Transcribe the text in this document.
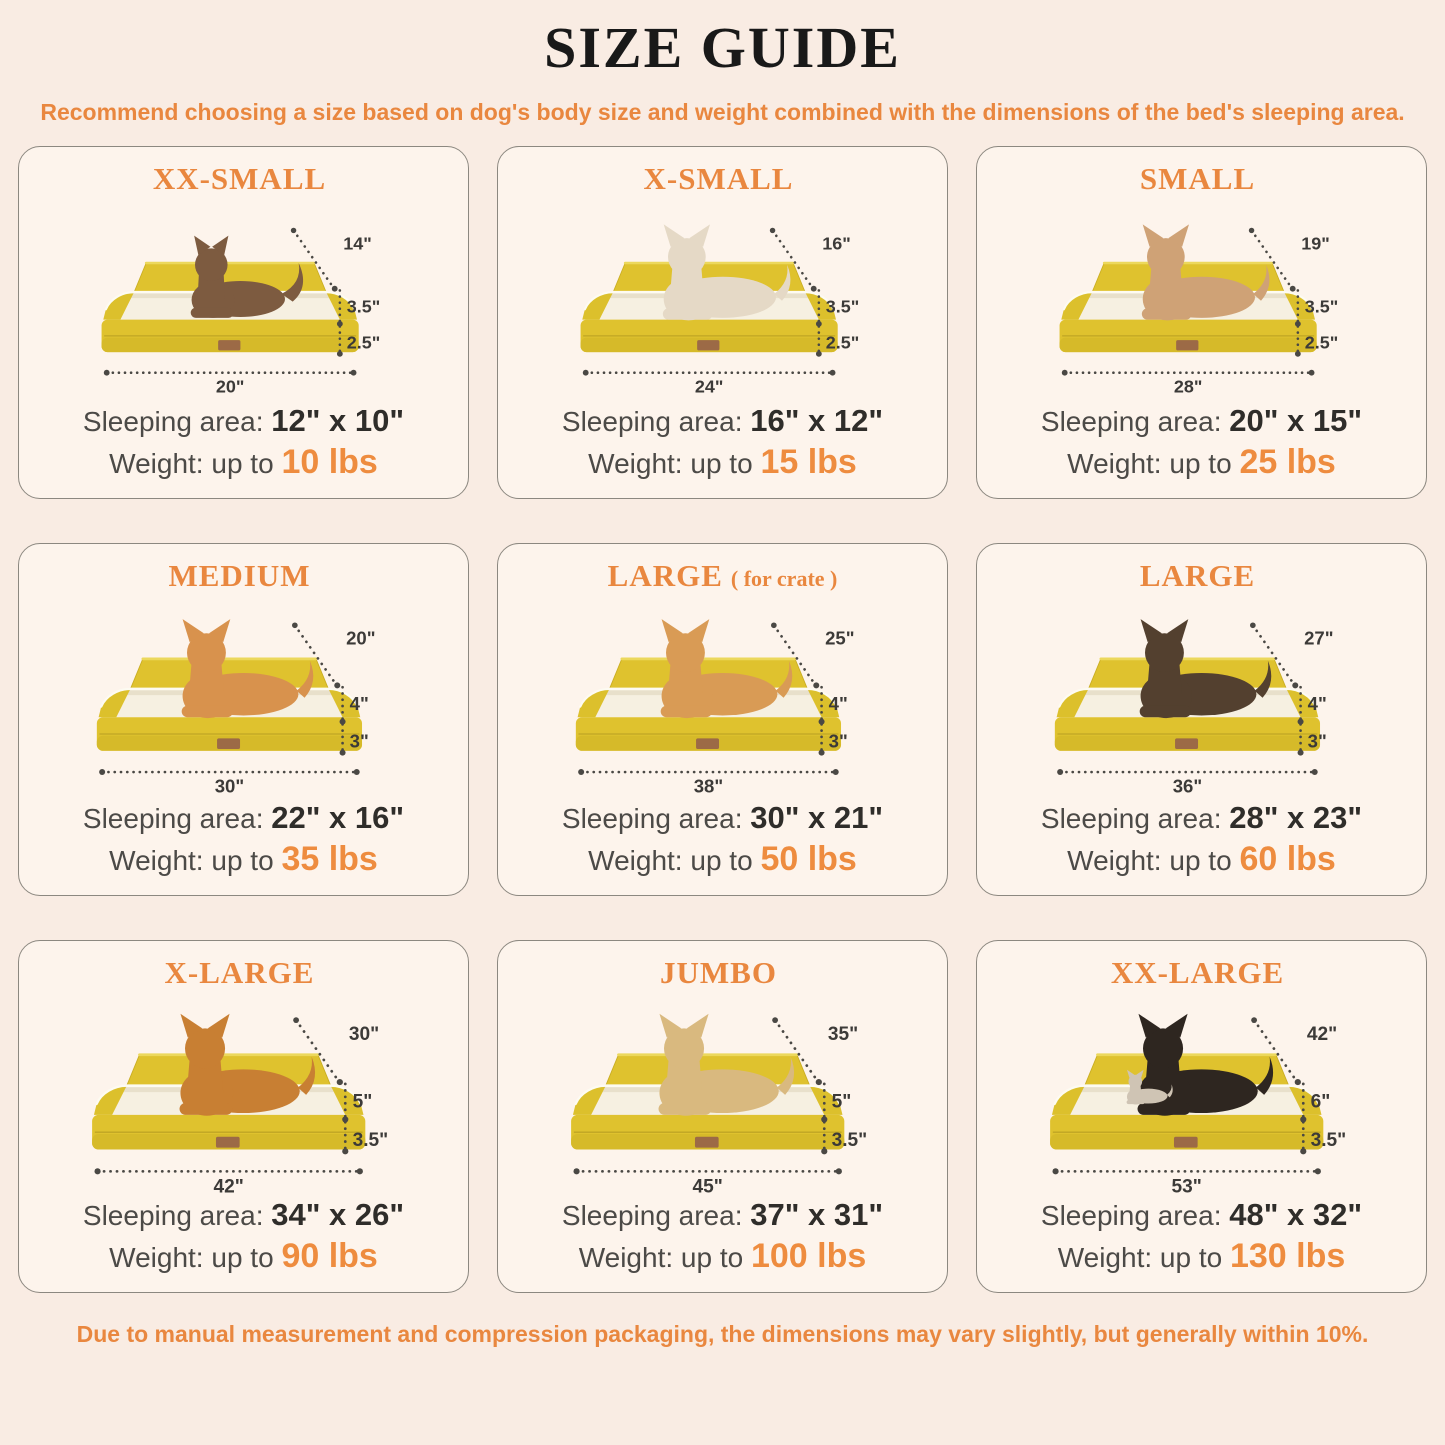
SIZE GUIDE
Recommend choosing a size based on dog's body size and weight combined with the dimensions of the bed's sleeping area.
XX-SMALL
14"
3.5"
2.5"
20"

Sleeping area: 12" x 10"

Weight: up to 10 lbs

X-SMALL
16"
3.5"
2.5"
24"

Sleeping area: 16" x 12"

Weight: up to 15 lbs

SMALL
19"
3.5"
2.5"
28"

Sleeping area: 20" x 15"

Weight: up to 25 lbs

MEDIUM
20"
4"
3"
30"

Sleeping area: 22" x 16"

Weight: up to 35 lbs

LARGE ( for crate )
25"
4"
3"
38"

Sleeping area: 30" x 21"

Weight: up to 50 lbs

LARGE
27"
4"
3"
36"

Sleeping area: 28" x 23"

Weight: up to 60 lbs

X-LARGE
30"
5"
3.5"
42"

Sleeping area: 34" x 26"

Weight: up to 90 lbs

JUMBO
35"
5"
3.5"
45"

Sleeping area: 37" x 31"

Weight: up to 100 lbs

XX-LARGE
42"
6"
3.5"
53"

Sleeping area: 48" x 32"

Weight: up to 130 lbs

Due to manual measurement and compression packaging, the dimensions may vary slightly, but generally within 10%.
